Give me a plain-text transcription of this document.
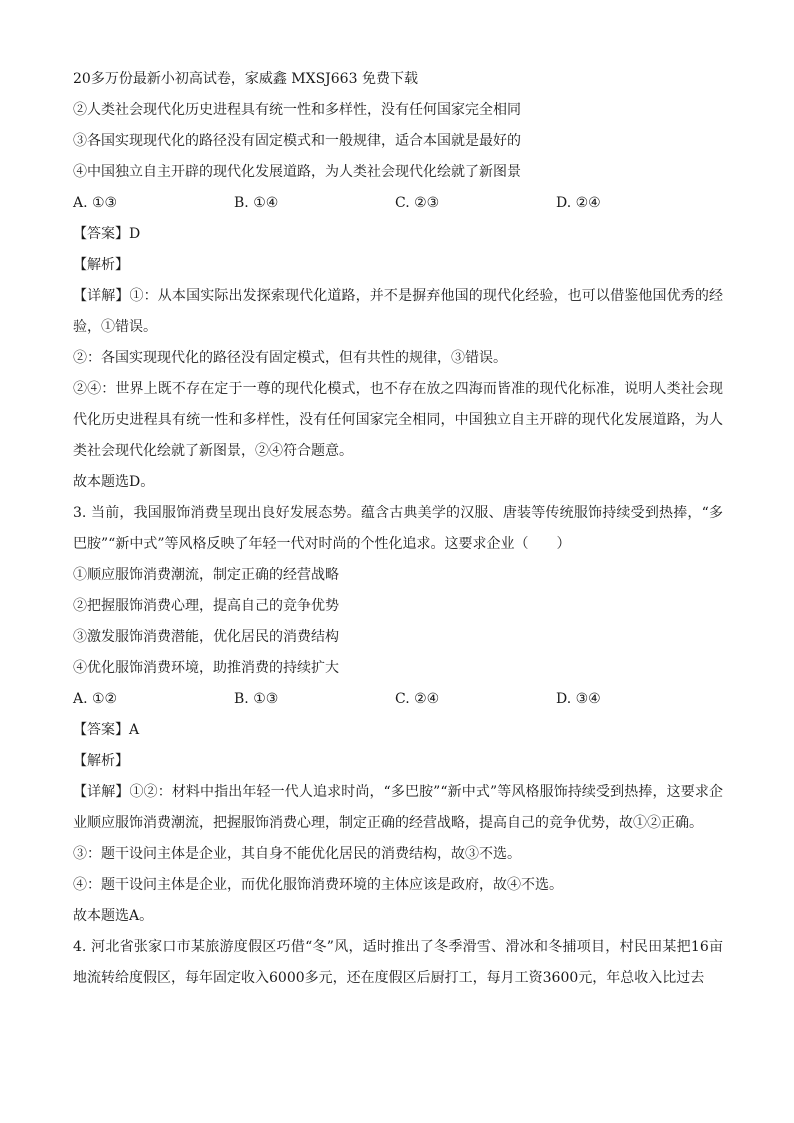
20多万份最新小初高试卷，家威鑫 MXSJ663 免费下载
②人类社会现代化历史进程具有统一性和多样性，没有任何国家完全相同
③各国实现现代化的路径没有固定模式和一般规律，适合本国就是最好的
④中国独立自主开辟的现代化发展道路，为人类社会现代化绘就了新图景
A. ①③	B. ①④	C. ②③	D. ②④
【答案】D
【解析】
【详解】①：从本国实际出发探索现代化道路，并不是摒弃他国的现代化经验，也可以借鉴他国优秀的经验，①错误。
②：各国实现现代化的路径没有固定模式，但有共性的规律，③错误。
②④：世界上既不存在定于一尊的现代化模式，也不存在放之四海而皆准的现代化标准，说明人类社会现代化历史进程具有统一性和多样性，没有任何国家完全相同，中国独立自主开辟的现代化发展道路，为人类社会现代化绘就了新图景，②④符合题意。
故本题选D。
3. 当前，我国服饰消费呈现出良好发展态势。蕴含古典美学的汉服、唐装等传统服饰持续受到热捧，“多巴胺”“新中式”等风格反映了年轻一代对时尚的个性化追求。这要求企业（　　）
①顺应服饰消费潮流，制定正确的经营战略
②把握服饰消费心理，提高自己的竞争优势
③激发服饰消费潜能，优化居民的消费结构
④优化服饰消费环境，助推消费的持续扩大
A. ①②	B. ①③	C. ②④	D. ③④
【答案】A
【解析】
【详解】①②：材料中指出年轻一代人追求时尚，“多巴胺”“新中式”等风格服饰持续受到热捧，这要求企业顺应服饰消费潮流，把握服饰消费心理，制定正确的经营战略，提高自己的竞争优势，故①②正确。
③：题干设问主体是企业，其自身不能优化居民的消费结构，故③不选。
④：题干设问主体是企业，而优化服饰消费环境的主体应该是政府，故④不选。
故本题选A。
4. 河北省张家口市某旅游度假区巧借“冬”风，适时推出了冬季滑雪、滑冰和冬捕项目，村民田某把16亩地流转给度假区，每年固定收入6000多元，还在度假区后厨打工，每月工资3600元，年总收入比过去
